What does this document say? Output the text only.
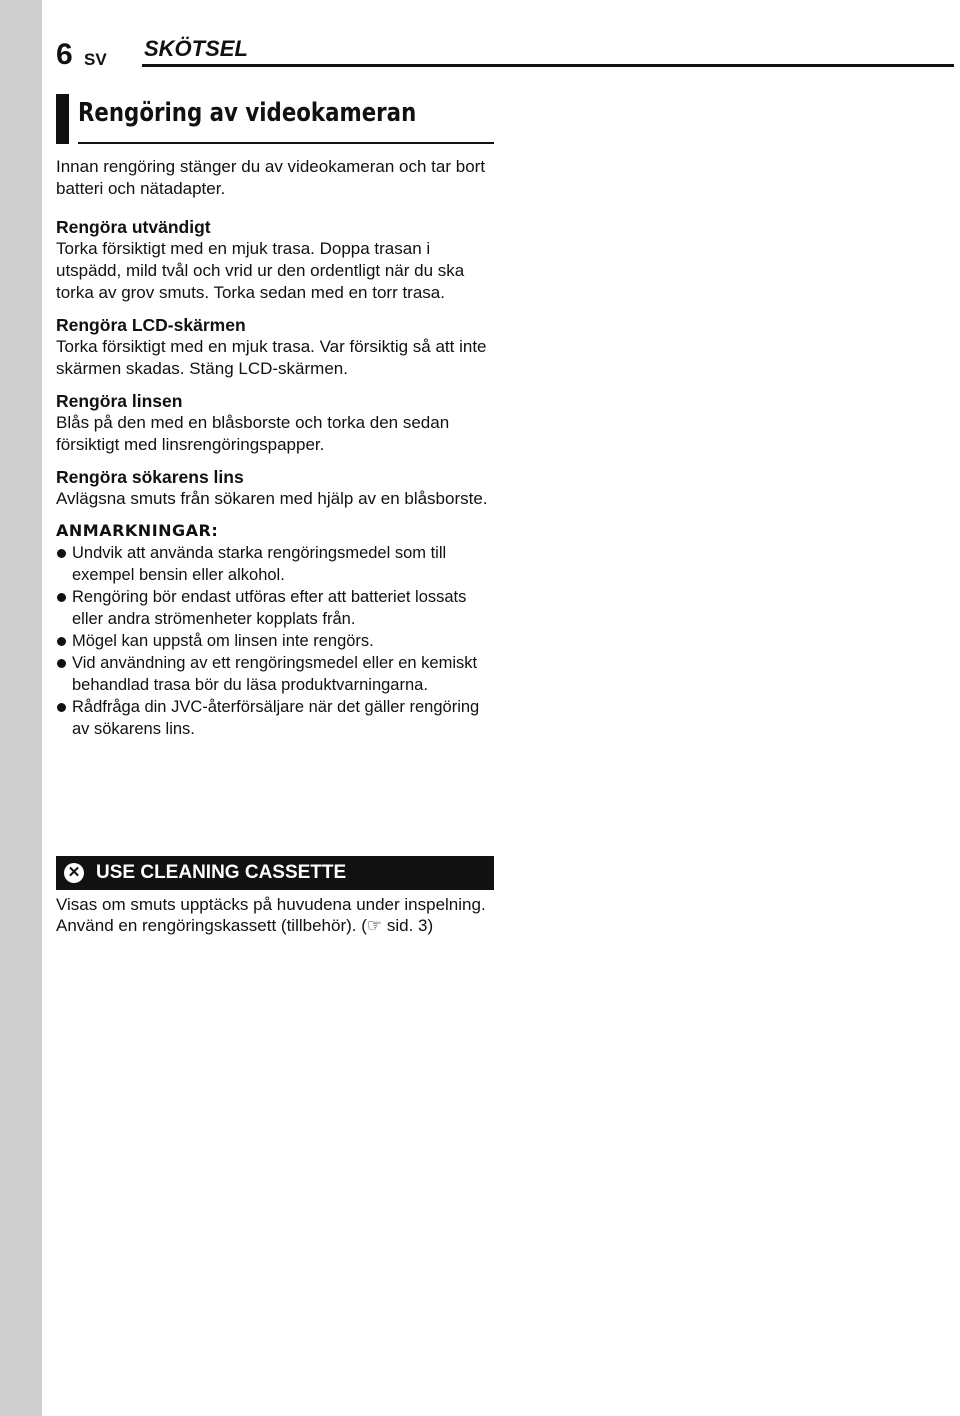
6 SV SKÖTSEL
Rengöring av videokameran

Innan rengöring stänger du av videokameran och tar bort batteri och nätadapter.

Rengöra utvändigt

Torka försiktigt med en mjuk trasa. Doppa trasan i utspädd, mild tvål och vrid ur den ordentligt när du ska torka av grov smuts. Torka sedan med en torr trasa.

Rengöra LCD-skärmen

Torka försiktigt med en mjuk trasa. Var försiktig så att inte skärmen skadas. Stäng LCD-skärmen.

Rengöra linsen

Blås på den med en blåsborste och torka den sedan försiktigt med linsrengöringspapper.

Rengöra sökarens lins

Avlägsna smuts från sökaren med hjälp av en blåsborste.

ANMARKNINGAR:

Undvik att använda starka rengöringsmedel som till exempel bensin eller alkohol.
Rengöring bör endast utföras efter att batteriet lossats eller andra strömenheter kopplats från.
Mögel kan uppstå om linsen inte rengörs.
Vid användning av ett rengöringsmedel eller en kemiskt behandlad trasa bör du läsa produktvarningarna.
Rådfråga din JVC-återförsäljare när det gäller rengöring av sökarens lins.
✕ USE CLEANING CASSETTE

Visas om smuts upptäcks på huvudena under inspelning. Använd en rengöringskassett (tillbehör). (☞ sid. 3)
